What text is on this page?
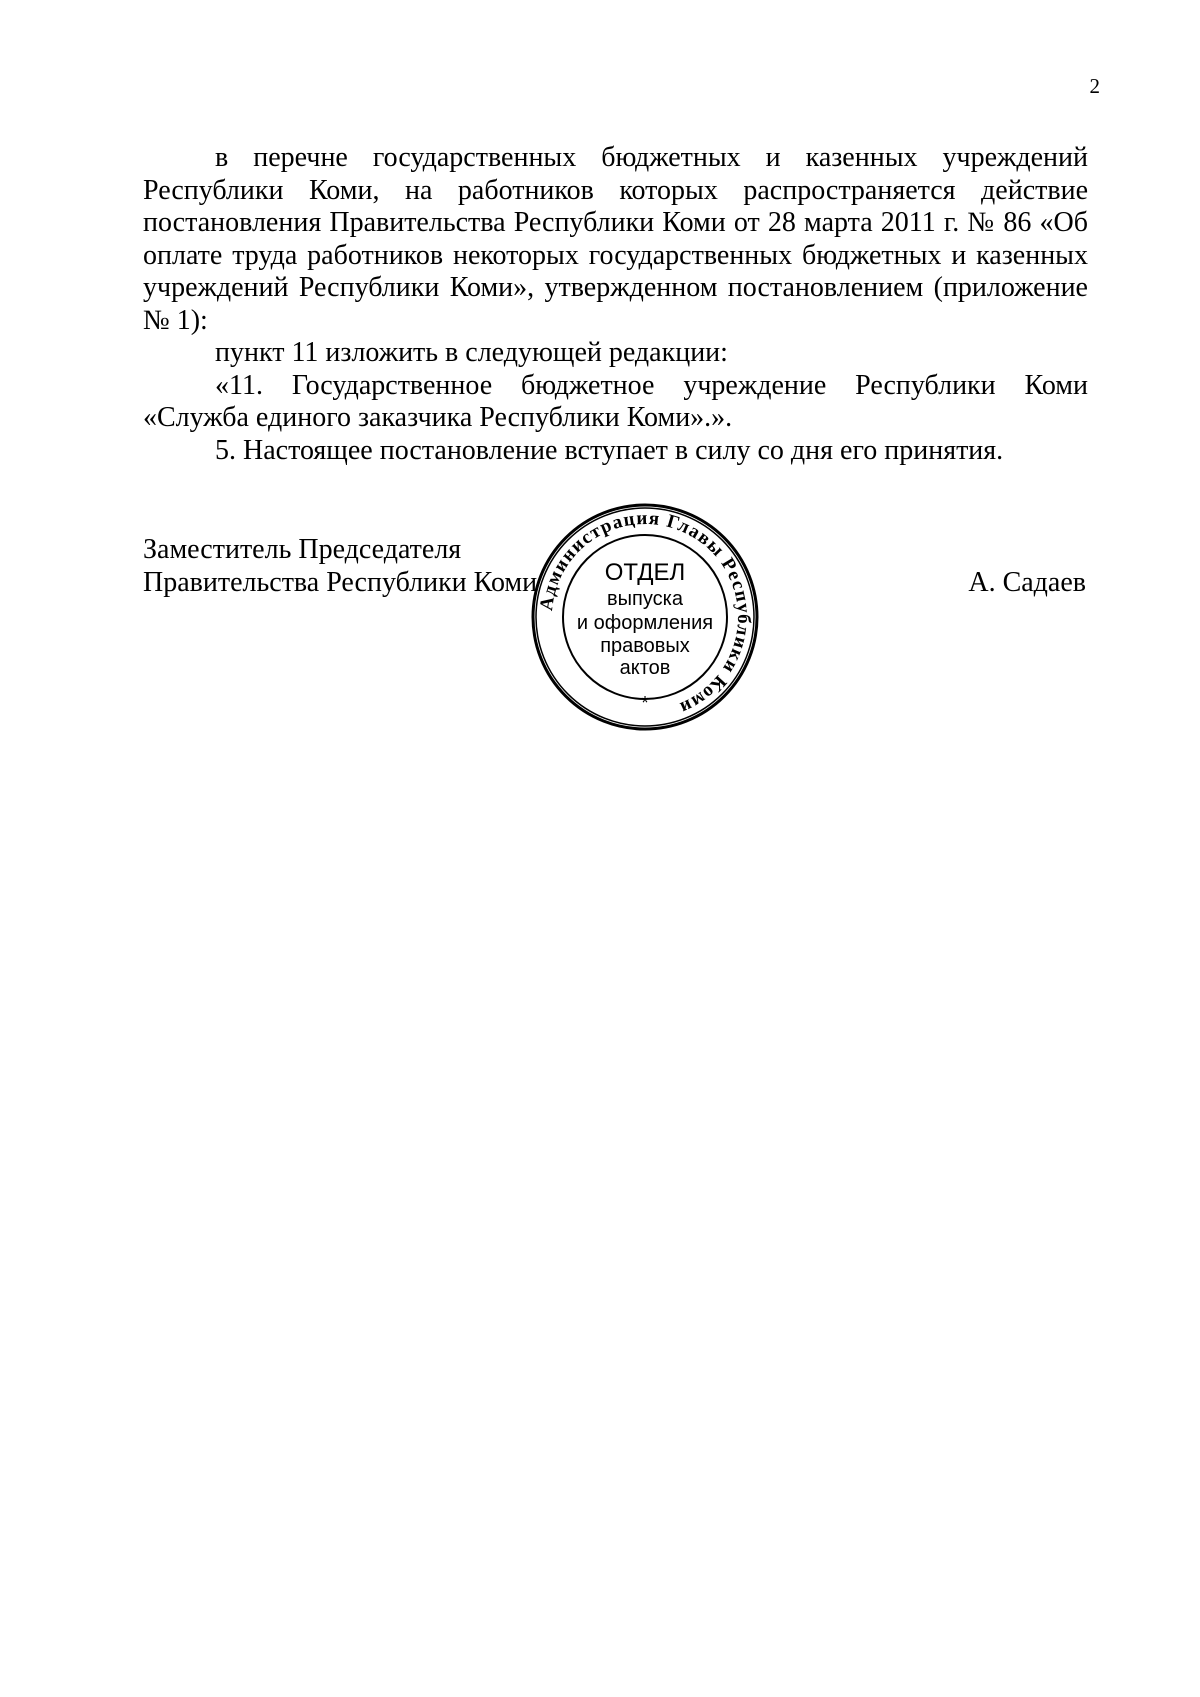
2

в перечне государственных бюджетных и казенных учреждений Республики Коми, на работников которых распространяется действие постановления Правительства Республики Коми от 28 марта 2011 г. № 86 «Об оплате труда работников некоторых государственных бюджетных и казенных учреждений Республики Коми», утвержденном постановлением (приложение № 1):

пункт 11 изложить в следующей редакции:

«11. Государственное бюджетное учреждение Республики Коми «Служба единого заказчика Республики Коми».».

5. Настоящее постановление вступает в силу со дня его принятия.

Заместитель Председателя
Правительства Республики Коми	А. Садаев
Администрация Главы Республики Коми
ОТДЕЛ
выпуска
и оформления
правовых
актов
*
